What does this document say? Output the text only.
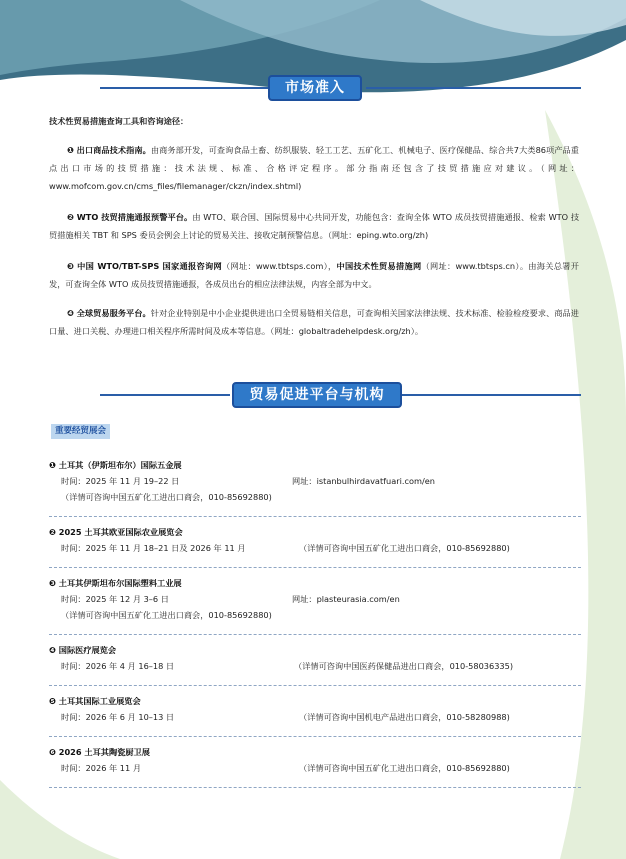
市场准入
技术性贸易措施查询工具和咨询途径：
❶ 出口商品技术指南。由商务部开发，可查询食品土畜、纺织服装、轻工工艺、五矿化工、机械电子、医疗保健品、综合共7大类86项产品重点出口市场的技贸措施：技术法规、标准、合格评定程序。部分指南还包含了技贸措施应对建议。（网址：www.mofcom.gov.cn/cms_files/filemanager/ckzn/index.shtml)
❷ WTO 技贸措施通报预警平台。由 WTO、联合国、国际贸易中心共同开发，功能包含：查询全体 WTO 成员技贸措施通报、检索 WTO 技贸措施相关 TBT 和 SPS 委员会例会上讨论的贸易关注、接收定制预警信息。（网址：eping.wto.org/zh)
❸ 中国 WTO/TBT-SPS 国家通报咨询网（网址：www.tbtsps.com），中国技术性贸易措施网（网址：www.tbtsps.cn）。由海关总署开发，可查询全体 WTO 成员技贸措施通报，各成员出台的相应法律法规，内容全部为中文。
❹ 全球贸易服务平台。针对企业特别是中小企业提供进出口全贸易链相关信息，可查询相关国家法律法规、技术标准、检验检疫要求、商品进口量、进口关税、办理进口相关程序所需时间及成本等信息。（网址：globaltradehelpdesk.org/zh）。
贸易促进平台与机构
重要经贸展会
❶ 土耳其（伊斯坦布尔）国际五金展
时间：2025 年 11 月 19–22 日	网址：istanbulhirdavatfuari.com/en
（详情可咨询中国五矿化工进出口商会，010-85692880)
❷ 2025 土耳其欧亚国际农业展览会
时间：2025 年 11 月 18–21 日及 2026 年 11 月	（详情可咨询中国五矿化工进出口商会，010-85692880)
❸ 土耳其伊斯坦布尔国际塑料工业展
时间：2025 年 12 月 3–6 日	网址：plasteurasia.com/en
（详情可咨询中国五矿化工进出口商会，010-85692880)
❹ 国际医疗展览会
时间：2026 年 4 月 16–18 日	（详情可咨询中国医药保健品进出口商会，010-58036335)
❺ 土耳其国际工业展览会
时间：2026 年 6 月 10–13 日	（详情可咨询中国机电产品进出口商会，010-58280988)
❻ 2026 土耳其陶瓷厨卫展
时间：2026 年 11 月	（详情可咨询中国五矿化工进出口商会，010-85692880)
